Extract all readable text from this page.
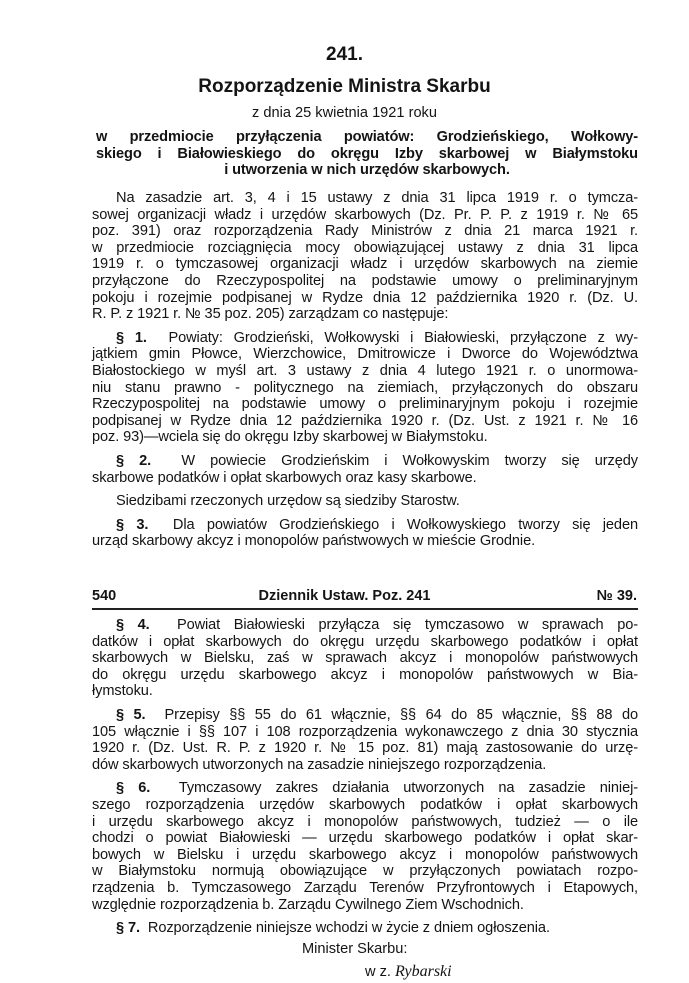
241.
Rozporządzenie Ministra Skarbu
z dnia 25 kwietnia 1921 roku
w przedmiocie przyłączenia powiatów: Grodzieńskiego, Wołkowy-
skiego i Białowieskiego do okręgu Izby skarbowej w Białymstoku
i utworzenia w nich urzędów skarbowych.
Na zasadzie art. 3, 4 i 15 ustawy z dnia 31 lipca 1919 r. o tymcza-
sowej organizacji władz i urzędów skarbowych (Dz. Pr. P. P. z 1919 r. № 65
poz. 391) oraz rozporządzenia Rady Ministrów z dnia 21 marca 1921 r.
w przedmiocie rozciągnięcia mocy obowiązującej ustawy z dnia 31 lipca
1919 r. o tymczasowej organizacji władz i urzędów skarbowych na ziemie
przyłączone do Rzeczypospolitej na podstawie umowy o preliminaryjnym
pokoju i rozejmie podpisanej w Rydze dnia 12 października 1920 r. (Dz. U.
R. P. z 1921 r. № 35 poz. 205) zarządzam co następuje:
§ 1. Powiaty: Grodzieński, Wołkowyski i Białowieski, przyłączone z wy-
jątkiem gmin Płowce, Wierzchowice, Dmitrowicze i Dworce do Województwa
Białostockiego w myśl art. 3 ustawy z dnia 4 lutego 1921 r. o unormowa-
niu stanu prawno - politycznego na ziemiach, przyłączonych do obszaru
Rzeczypospolitej na podstawie umowy o preliminaryjnym pokoju i rozejmie
podpisanej w Rydze dnia 12 października 1920 r. (Dz. Ust. z 1921 r. № 16
poz. 93)—wciela się do okręgu Izby skarbowej w Białymstoku.
§ 2. W powiecie Grodzieńskim i Wołkowyskim tworzy się urzędy
skarbowe podatków i opłat skarbowych oraz kasy skarbowe.
Siedzibami rzeczonych urzędow są siedziby Starostw.
§ 3. Dla powiatów Grodzieńskiego i Wołkowyskiego tworzy się jeden
urząd skarbowy akcyz i monopolów państwowych w mieście Grodnie.
540	Dziennik Ustaw. Poz. 241	№ 39.
§ 4. Powiat Białowieski przyłącza się tymczasowo w sprawach po-
datków i opłat skarbowych do okręgu urzędu skarbowego podatków i opłat
skarbowych w Bielsku, zaś w sprawach akcyz i monopolów państwowych
do okręgu urzędu skarbowego akcyz i monopolów państwowych w Bia-
łymstoku.
§ 5. Przepisy §§ 55 do 61 włącznie, §§ 64 do 85 włącznie, §§ 88 do
105 włącznie i §§ 107 i 108 rozporządzenia wykonawczego z dnia 30 stycznia
1920 r. (Dz. Ust. R. P. z 1920 r. № 15 poz. 81) mają zastosowanie do urzę-
dów skarbowych utworzonych na zasadzie niniejszego rozporządzenia.
§ 6. Tymczasowy zakres działania utworzonych na zasadzie niniej-
szego rozporządzenia urzędów skarbowych podatków i opłat skarbowych
i urzędu skarbowego akcyz i monopolów państwowych, tudzież — o ile
chodzi o powiat Białowieski — urzędu skarbowego podatków i opłat skar-
bowych w Bielsku i urzędu skarbowego akcyz i monopolów państwowych
w Białymstoku normują obowiązujące w przyłączonych powiatach rozpo-
rządzenia b. Tymczasowego Zarządu Terenów Przyfrontowych i Etapowych,
względnie rozporządzenia b. Zarządu Cywilnego Ziem Wschodnich.
§ 7. Rozporządzenie niniejsze wchodzi w życie z dniem ogłoszenia.
Minister Skarbu:
w z. Rybarski
